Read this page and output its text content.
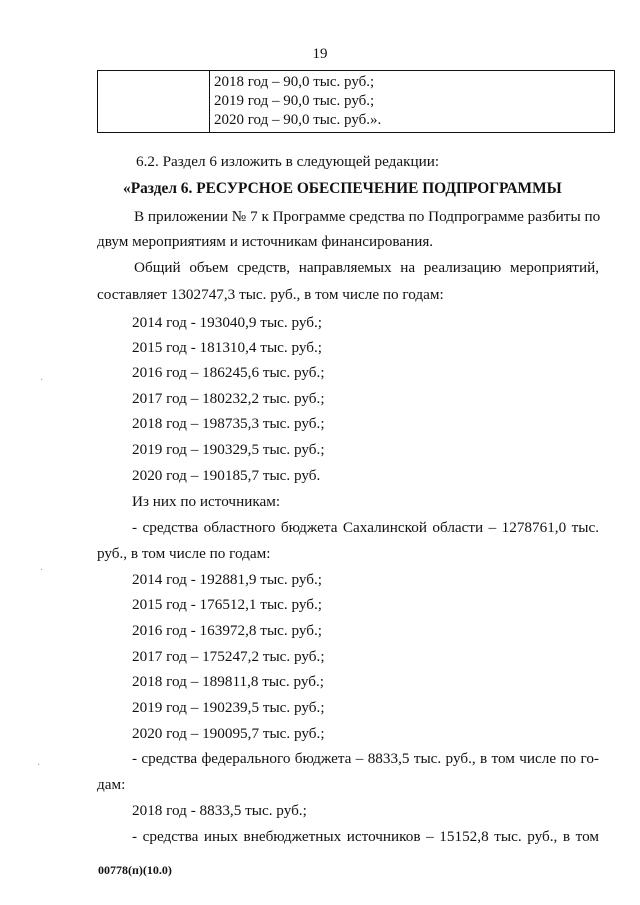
19

2018 год – 90,0 тыс. руб.;
2019 год – 90,0 тыс. руб.;
2020 год – 90,0 тыс. руб.».
6.2. Раздел 6 изложить в следующей редакции:
«Раздел 6. РЕСУРСНОЕ ОБЕСПЕЧЕНИЕ ПОДПРОГРАММЫ
В приложении № 7 к Программе средства по Подпрограмме разбиты по
двум мероприятиям и источникам финансирования.
Общий объем средств, направляемых на реализацию мероприятий,
составляет 1302747,3 тыс. руб., в том числе по годам:
2014 год - 193040,9 тыс. руб.;
2015 год - 181310,4 тыс. руб.;
2016 год – 186245,6 тыс. руб.;
2017 год – 180232,2 тыс. руб.;
2018 год – 198735,3 тыс. руб.;
2019 год – 190329,5 тыс. руб.;
2020 год – 190185,7 тыс. руб.
Из них по источникам:
- средства областного бюджета Сахалинской области – 1278761,0 тыс.
руб., в том числе по годам:
2014 год - 192881,9 тыс. руб.;
2015 год - 176512,1 тыс. руб.;
2016 год - 163972,8 тыс. руб.;
2017 год – 175247,2 тыс. руб.;
2018 год – 189811,8 тыс. руб.;
2019 год – 190239,5 тыс. руб.;
2020 год – 190095,7 тыс. руб.;
- средства федерального бюджета – 8833,5 тыс. руб., в том числе по го-
дам:
2018 год - 8833,5 тыс. руб.;
- средства иных внебюджетных источников – 15152,8 тыс. руб., в том
00778(п)(10.0)
·
·
·
